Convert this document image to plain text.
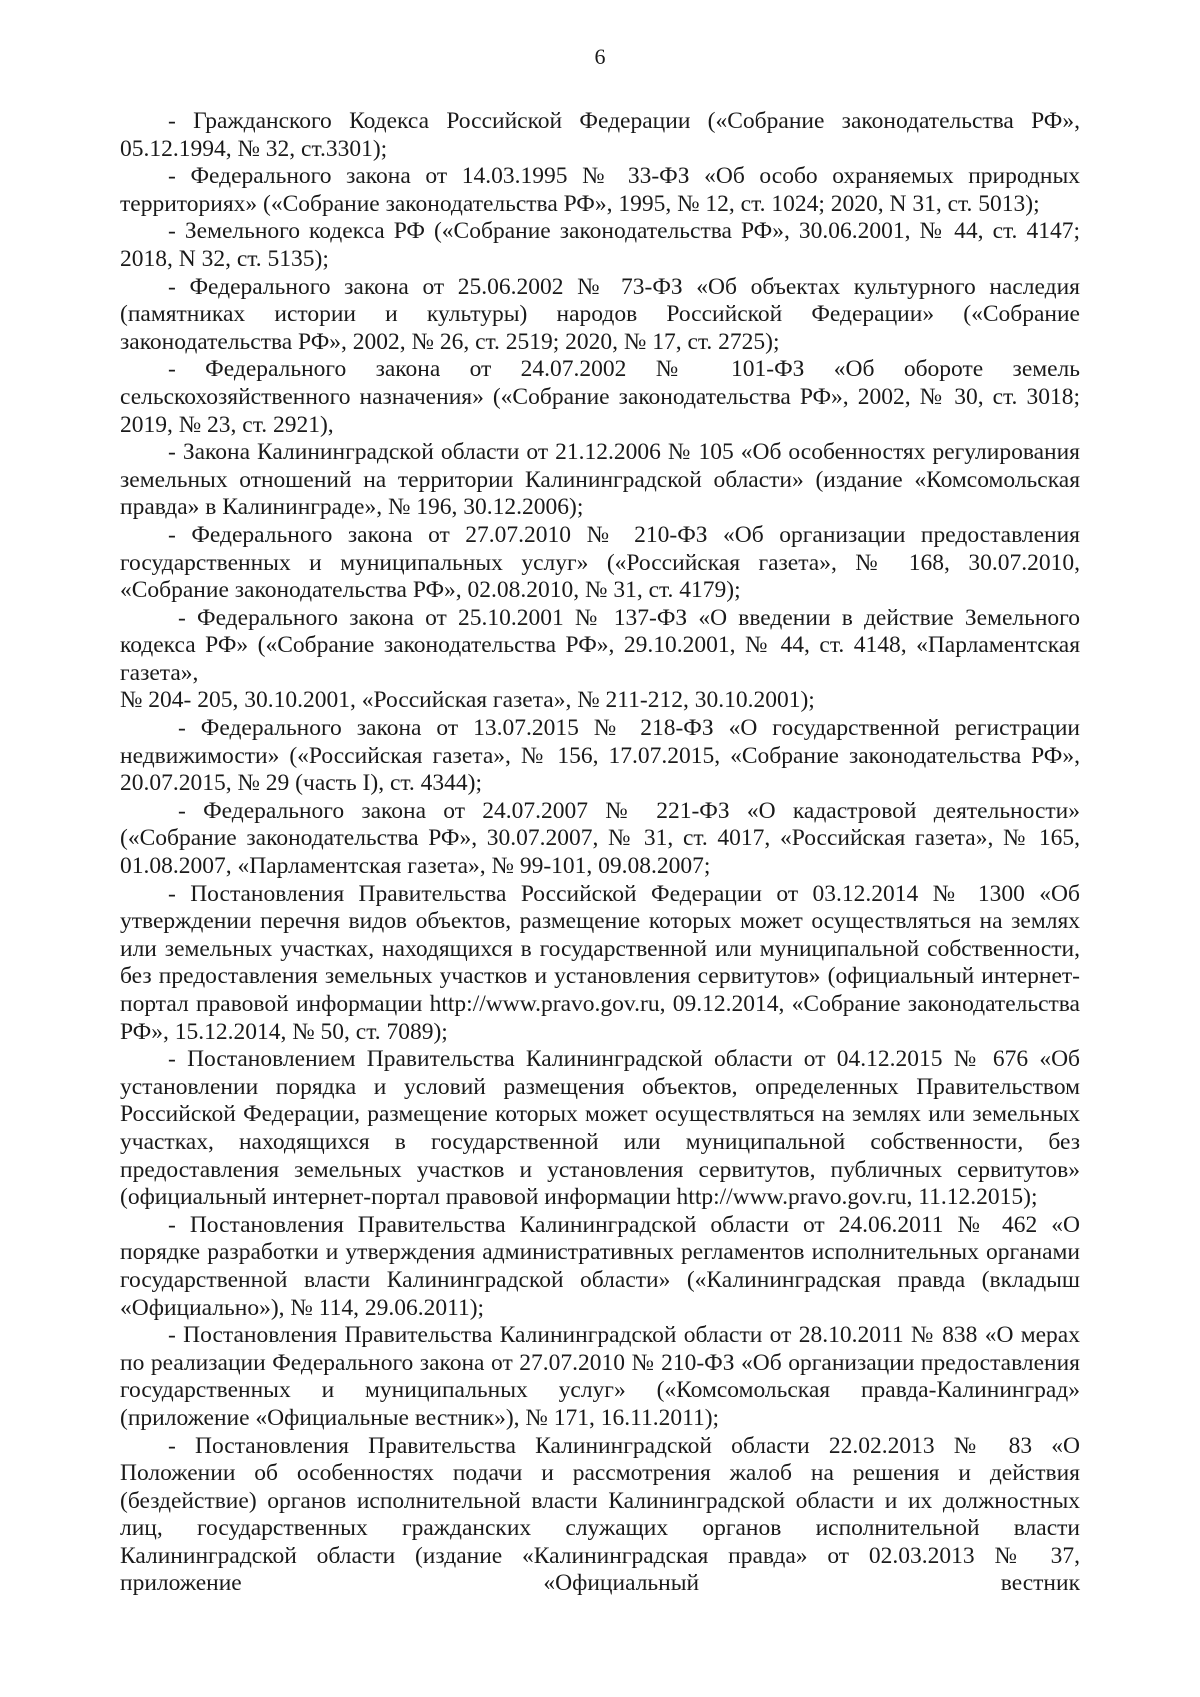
6

- Гражданского Кодекса Российской Федерации («Собрание законодательства РФ», 05.12.1994, № 32, ст.3301);

- Федерального закона от 14.03.1995 № 33-ФЗ «Об особо охраняемых природных территориях» («Собрание законодательства РФ», 1995, № 12, ст. 1024; 2020, N 31, ст. 5013);

- Земельного кодекса РФ («Собрание законодательства РФ», 30.06.2001, № 44, ст. 4147; 2018, N 32, ст. 5135);

- Федерального закона от 25.06.2002 № 73-ФЗ «Об объектах культурного наследия (памятниках истории и культуры) народов Российской Федерации» («Собрание законодательства РФ», 2002, № 26, ст. 2519; 2020, № 17, ст. 2725);

- Федерального закона от 24.07.2002 № 101-ФЗ «Об обороте земель сельскохозяйственного назначения» («Собрание законодательства РФ», 2002, № 30, ст. 3018; 2019, № 23, ст. 2921),

- Закона Калининградской области от 21.12.2006 № 105 «Об особенностях регулирования земельных отношений на территории Калининградской области» (издание «Комсомольская правда» в Калининграде», № 196, 30.12.2006);

- Федерального закона от 27.07.2010 № 210-ФЗ «Об организации предоставления государственных и муниципальных услуг» («Российская газета», № 168, 30.07.2010, «Собрание законодательства РФ», 02.08.2010, № 31, ст. 4179);

- Федерального закона от 25.10.2001 № 137-ФЗ «О введении в действие Земельного кодекса РФ» («Собрание законодательства РФ», 29.10.2001, № 44, ст. 4148, «Парламентская газета»,

№ 204- 205, 30.10.2001, «Российская газета», № 211-212, 30.10.2001);

- Федерального закона от 13.07.2015 № 218-ФЗ «О государственной регистрации недвижимости» («Российская газета», № 156, 17.07.2015, «Собрание законодательства РФ», 20.07.2015, № 29 (часть I), ст. 4344);

- Федерального закона от 24.07.2007 № 221-ФЗ «О кадастровой деятельности» («Собрание законодательства РФ», 30.07.2007, № 31, ст. 4017, «Российская газета», № 165, 01.08.2007, «Парламентская газета», № 99-101, 09.08.2007;

- Постановления Правительства Российской Федерации от 03.12.2014 № 1300 «Об утверждении перечня видов объектов, размещение которых может осуществляться на землях или земельных участках, находящихся в государственной или муниципальной собственности, без предоставления земельных участков и установления сервитутов» (официальный интернет-портал правовой информации http://www.pravo.gov.ru, 09.12.2014, «Собрание законодательства РФ», 15.12.2014, № 50, ст. 7089);

- Постановлением Правительства Калининградской области от 04.12.2015 № 676 «Об установлении порядка и условий размещения объектов, определенных Правительством Российской Федерации, размещение которых может осуществляться на землях или земельных участках, находящихся в государственной или муниципальной собственности, без предоставления земельных участков и установления сервитутов, публичных сервитутов» (официальный интернет-портал правовой информации http://www.pravo.gov.ru, 11.12.2015);

- Постановления Правительства Калининградской области от 24.06.2011 № 462 «О порядке разработки и утверждения административных регламентов исполнительных органами государственной власти Калининградской области» («Калининградская правда (вкладыш «Официально»), № 114, 29.06.2011);

- Постановления Правительства Калининградской области от 28.10.2011 № 838 «О мерах по реализации Федерального закона от 27.07.2010 № 210-ФЗ «Об организации предоставления государственных и муниципальных услуг» («Комсомольская правда-Калининград» (приложение «Официальные вестник»), № 171, 16.11.2011);

- Постановления Правительства Калининградской области 22.02.2013 № 83 «О Положении об особенностях подачи и рассмотрения жалоб на решения и действия (бездействие) органов исполнительной власти Калининградской области и их должностных лиц, государственных гражданских служащих органов исполнительной власти Калининградской области (издание «Калининградская правда» от 02.03.2013 № 37, приложение «Официальный вестник
